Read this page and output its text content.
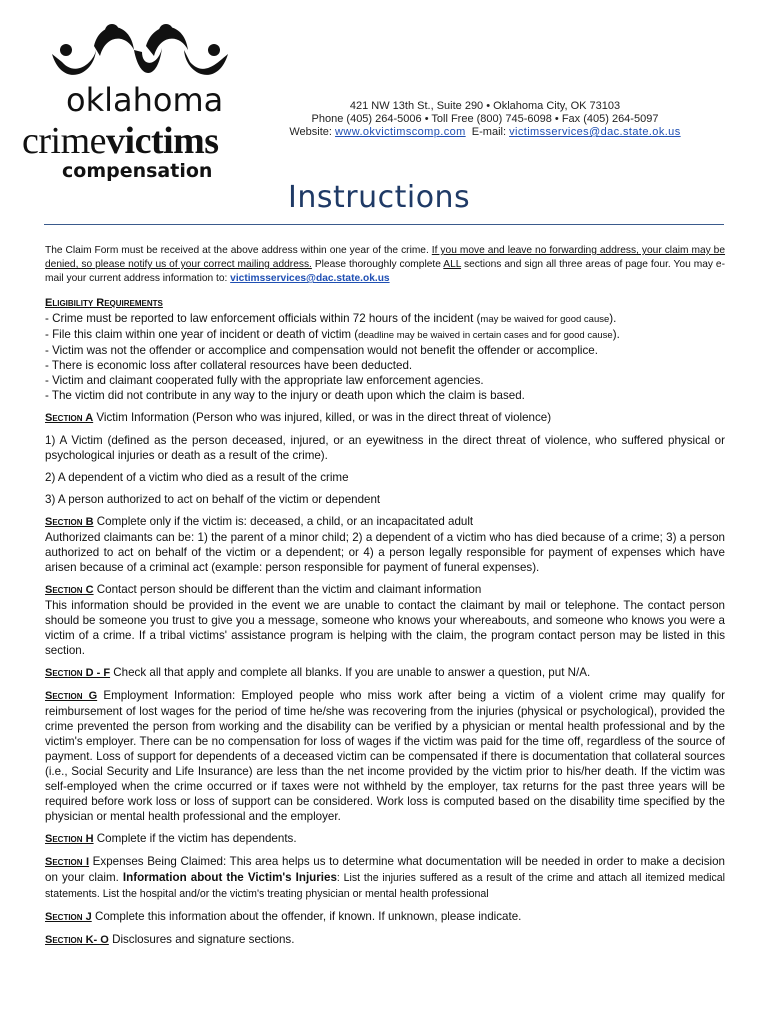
oklahoma
crimevictims
compensation
421 NW 13th St., Suite 290 • Oklahoma City, OK 73103
Phone (405) 264-5006 • Toll Free (800) 745-6098 • Fax (405) 264-5097
Website: www.okvictimscomp.com E-mail: victimsservices@dac.state.ok.us
Instructions

The Claim Form must be received at the above address within one year of the crime. If you move and leave no forwarding address, your claim may be denied, so please notify us of your correct mailing address. Please thoroughly complete ALL sections and sign all three areas of page four. You may e-mail your current address information to: victimsservices@dac.state.ok.us

Eligibility Requirements
- Crime must be reported to law enforcement officials within 72 hours of the incident (may be waived for good cause).
- File this claim within one year of incident or death of victim (deadline may be waived in certain cases and for good cause).
- Victim was not the offender or accomplice and compensation would not benefit the offender or accomplice.
- There is economic loss after collateral resources have been deducted.
- Victim and claimant cooperated fully with the appropriate law enforcement agencies.
- The victim did not contribute in any way to the injury or death upon which the claim is based.

Section A Victim Information (Person who was injured, killed, or was in the direct threat of violence)

1) A Victim (defined as the person deceased, injured, or an eyewitness in the direct threat of violence, who suffered physical or psychological injuries or death as a result of the crime).

2) A dependent of a victim who died as a result of the crime

3) A person authorized to act on behalf of the victim or dependent

Section B Complete only if the victim is: deceased, a child, or an incapacitated adult
Authorized claimants can be: 1) the parent of a minor child; 2) a dependent of a victim who has died because of a crime; 3) a person authorized to act on behalf of the victim or a dependent; or 4) a person legally responsible for payment of expenses which have arisen because of a criminal act (example: person responsible for payment of funeral expenses).
Section C Contact person should be different than the victim and claimant information
This information should be provided in the event we are unable to contact the claimant by mail or telephone. The contact person should be someone you trust to give you a message, someone who knows your whereabouts, and someone who knows you were a victim of a crime. If a tribal victims' assistance program is helping with the claim, the program contact person may be listed in this section.

Section D - F Check all that apply and complete all blanks. If you are unable to answer a question, put N/A.

Section G Employment Information: Employed people who miss work after being a victim of a violent crime may qualify for reimbursement of lost wages for the period of time he/she was recovering from the injuries (physical or psychological), provided the crime prevented the person from working and the disability can be verified by a physician or mental health professional and by the victim's employer. There can be no compensation for loss of wages if the victim was paid for the time off, regardless of the source of payment. Loss of support for dependents of a deceased victim can be compensated if there is documentation that collateral sources (i.e., Social Security and Life Insurance) are less than the net income provided by the victim prior to his/her death. If the victim was self-employed when the crime occurred or if taxes were not withheld by the employer, tax returns for the past three years will be required before work loss or loss of support can be considered. Work loss is computed based on the disability time specified by the physician or mental health professional and the employer.

Section H Complete if the victim has dependents.

Section I Expenses Being Claimed: This area helps us to determine what documentation will be needed in order to make a decision on your claim. Information about the Victim's Injuries: List the injuries suffered as a result of the crime and attach all itemized medical statements. List the hospital and/or the victim's treating physician or mental health professional

Section J Complete this information about the offender, if known. If unknown, please indicate.

Section K- O Disclosures and signature sections.
